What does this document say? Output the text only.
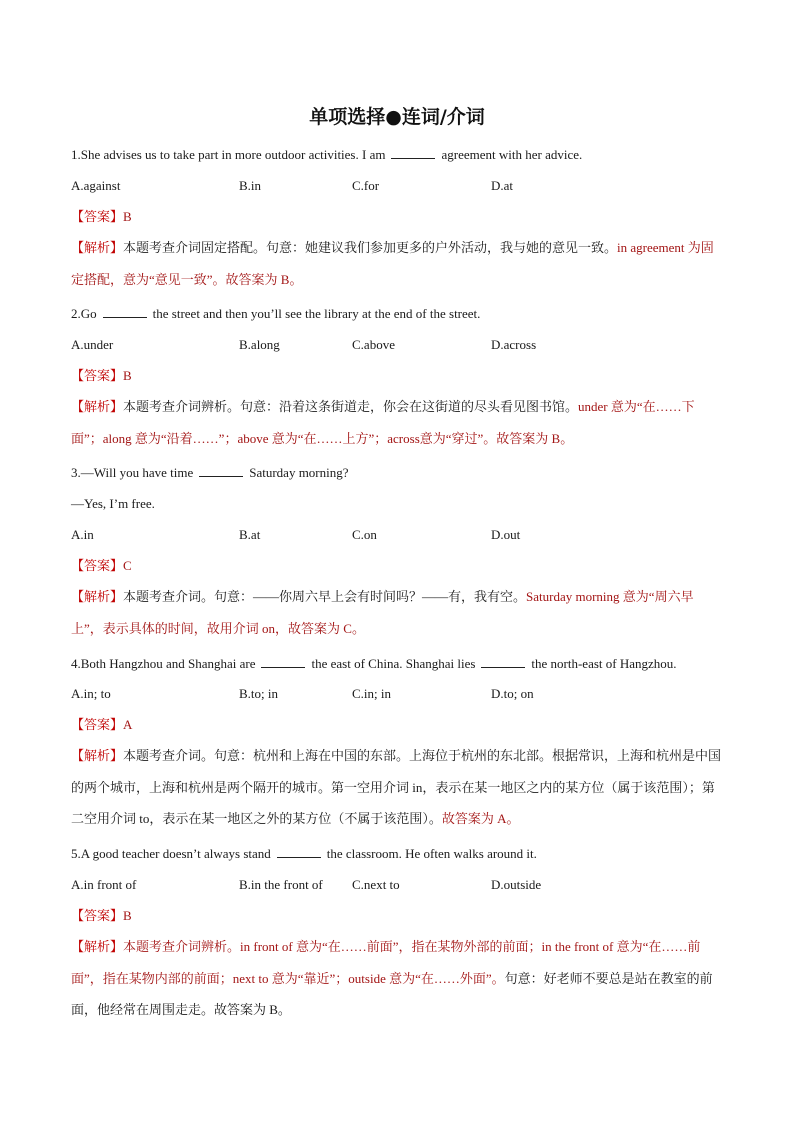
单项选择●连词/介词
1.She advises us to take part in more outdoor activities. I am	agreement with her advice.
A.against	B.in	C.for	D.at
【答案】B
【解析】本题考查介词固定搭配。句意：她建议我们参加更多的户外活动，我与她的意见一致。in agreement 为固定搭配，意为“意见一致”。故答案为 B。
2.Go	the street and then you’ll see the library at the end of the street.
A.under	B.along	C.above	D.across
【答案】B
【解析】本题考查介词辨析。句意：沿着这条街道走，你会在这街道的尽头看见图书馆。under 意为“在……下面”；along 意为“沿着……”；above 意为“在……上方”；across意为“穿过”。故答案为 B。
3.—Will you have time	Saturday morning?
—Yes, I’m free.
A.in	B.at	C.on	D.out
【答案】C
【解析】本题考查介词。句意：——你周六早上会有时间吗？——有，我有空。Saturday morning 意为“周六早上”，表示具体的时间，故用介词 on，故答案为 C。
4.Both Hangzhou and Shanghai are	the east of China. Shanghai lies	the north-east of Hangzhou.
A.in; to	B.to; in	C.in; in	D.to; on
【答案】A
【解析】本题考查介词。句意：杭州和上海在中国的东部。上海位于杭州的东北部。根据常识，上海和杭州是中国的两个城市，上海和杭州是两个隔开的城市。第一空用介词 in，表示在某一地区之内的某方位（属于该范围）；第二空用介词 to，表示在某一地区之外的某方位（不属于该范围）。故答案为 A。
5.A good teacher doesn’t always stand	the classroom. He often walks around it.
A.in front of	B.in the front of C.next to	D.outside
【答案】B
【解析】本题考查介词辨析。in front of 意为“在……前面”，指在某物外部的前面；in the front of 意为“在……前面”，指在某物内部的前面；next to 意为“靠近”；outside 意为“在……外面”。句意：好老师不要总是站在教室的前面，他经常在周围走走。故答案为 B。
